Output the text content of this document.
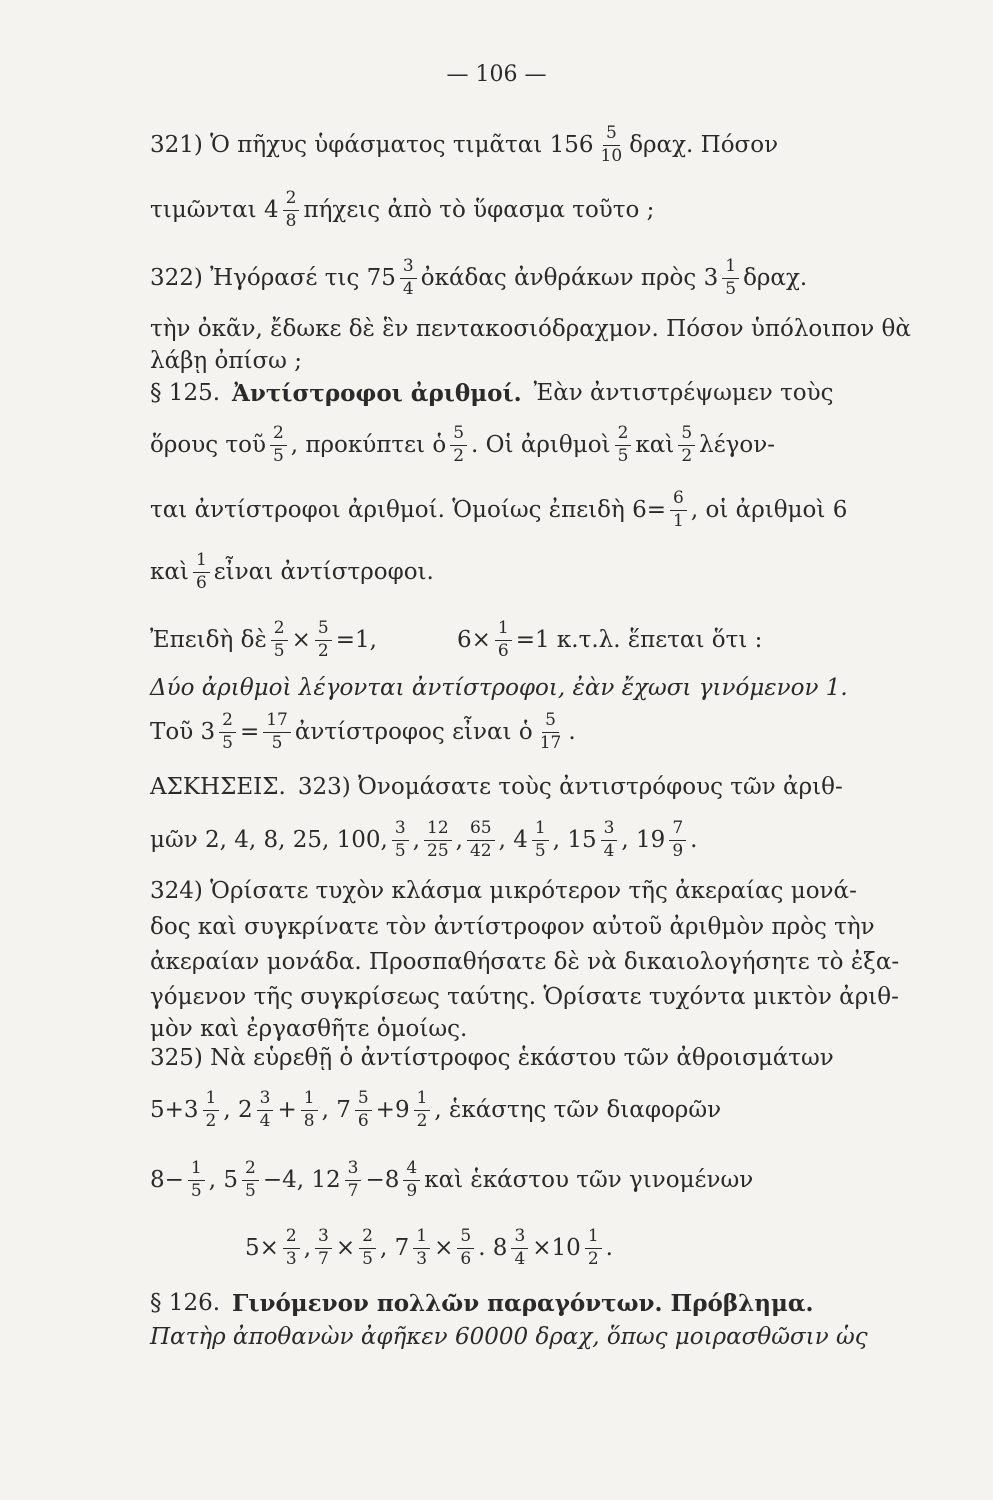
— 106 —
321) Ὁ πῆχυς ὑφάσματος τιμᾶται $156 \frac{5}{10} \delta\rho\alpha\chi$. Πόσον
τιμῶνται $4 \frac{2}{8}$ πήχεις ἀπὸ τὸ ὕφασμα τοῦτο ;
322) Ἠγόρασέ τις $75 \frac{3}{4}$ ὀκάδας ἀνθράκων πρὸς $3 \frac{1}{5} \delta\rho\alpha\chi$.
τὴν ὀκᾶν, ἔδωκε δὲ ἓν πεντακοσιόδραχμον. Πόσον ὑπόλοιπον θὰ
λάβῃ ὀπίσω ;
§ 125. Ἀντίστροφοι ἀριθμοί. Ἐὰν ἀντιστρέψωμεν τοὺς
ὅρους τοῦ $\frac{2}{5}$ , προκύπτει ὁ $\frac{5}{2}$ . Οἱ ἀριθμοὶ $\frac{2}{5}$ καὶ $\frac{5}{2} \lambda έ\gamma o\nu-$
ται ἀντίστροφοι ἀριθμοί. Ὁμοίως ἐπειδὴ $6= \frac{6}{1}$ , οἱ ἀριθμοὶ 6
καὶ $\frac{1}{6}$ εἶναι ἀντίστροφοι.
Ἐπειδὴ δὲ $\frac{2}{5} \times \frac{5}{2} =1$,	$6\times \frac{1}{6} =1$ κ.τ.λ. ἕπεται ὅτι :
Δύο ἀριθμοὶ λέγονται ἀντίστροφοι, ἐὰν ἔχωσι γινόμενον 1.
Τοῦ $3 \frac{2}{5} = \frac{17}{5}$ ἀντίστροφος εἶναι ὁ $\frac{5}{17}$ .
ΑΣΚΗΣΕΙΣ. 323) Ὀνομάσατε τοὺς ἀντιστρόφους τῶν ἀριθ-
μῶν 2, 4, 8, 25, 100, $\frac{3}{5}$ , $\frac{12}{25}$ , $\frac{65}{42}$ , $4 \frac{1}{5}$ , $15 \frac{3}{4}$ , $19 \frac{7}{9}$ .
324) Ὁρίσατε τυχὸν κλάσμα μικρότερον τῆς ἀκεραίας μονά-
δος καὶ συγκρίνατε τὸν ἀντίστροφον αὐτοῦ ἀριθμὸν πρὸς τὴν
ἀκεραίαν μονάδα. Προσπαθήσατε δὲ νὰ δικαιολογήσητε τὸ ἐξα-
γόμενον τῆς συγκρίσεως ταύτης. Ὁρίσατε τυχόντα μικτὸν ἀριθ-
μὸν καὶ ἐργασθῆτε ὁμοίως.
325) Νὰ εὑρεθῇ ὁ ἀντίστροφος ἑκάστου τῶν ἀθροισμάτων
$5+3 \frac{1}{2}$ , $2 \frac{3}{4} + \frac{1}{8}$ , $7 \frac{5}{6} +9 \frac{1}{2}$ , ἑκάστης τῶν διαφορῶν
$8- \frac{1}{5}$ , $5 \frac{2}{5} -4$, $12 \frac{3}{7} -8 \frac{4}{9}$ καὶ ἑκάστου τῶν γινομένων
$5\times \frac{2}{3}$ , $\frac{3}{7} \times \frac{2}{5}$ , $7 \frac{1}{3} \times \frac{5}{6}$ . $8 \frac{3}{4} \times 10 \frac{1}{2}$ .
§ 126. Γινόμενον πολλῶν παραγόντων. Πρόβλημα.
Πατὴρ ἀποθανὼν ἀφῆκεν 60000 δραχ, ὅπως μοιρασθῶσιν ὡς
